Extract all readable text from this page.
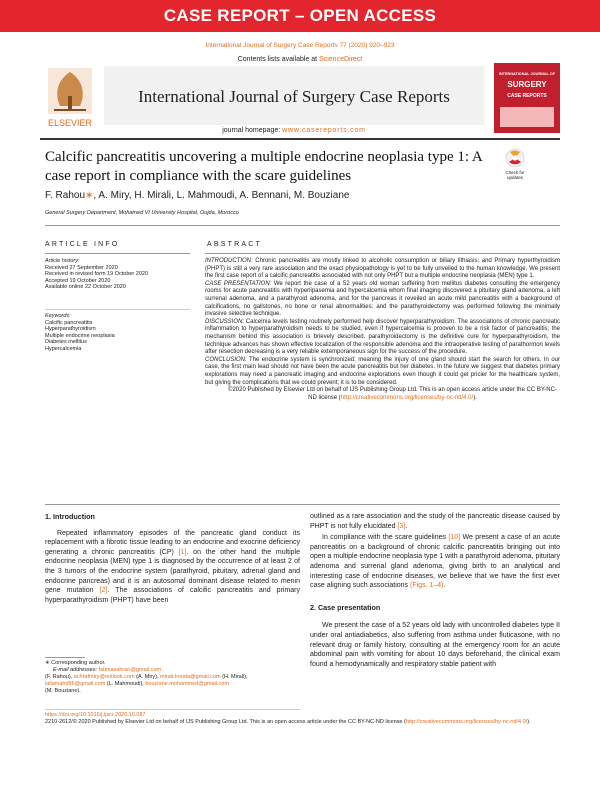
CASE REPORT – OPEN ACCESS
International Journal of Surgery Case Reports 77 (2020) 920–923
Contents lists available at ScienceDirect
ELSEVIER
International Journal of Surgery Case Reports
journal homepage: www.casereports.com
INTERNATIONAL JOURNAL OF
SURGERY
CASE REPORTS
Calcific pancreatitis uncovering a multiple endocrine neoplasia type 1: A case report in compliance with the scare guidelines	Check for updates
F. Rahou∗, A. Miry, H. Mirali, L. Mahmoudi, A. Bennani, M. Bouziane
General Surgery Department, Mohamed VI University Hospital, Oujda, Morocco
ARTICLE INFO	ABSTRACT
Article history:
Received 27 September 2020
Received in revised form 19 October 2020
Accepted 19 October 2020
Available online 22 October 2020
Keywords:
Calcific pancreatitis
Hyperparathyroidism
Multiple endocrine neoplasia
Diabetes mellitus
Hypercalcemia

INTRODUCTION: Chronic pancreatitis are mostly linked to alcoholic consumption or biliary lithiasis; and Primary hyperthyroidism (PHPT) is still a very rare association and the exact physiopathology is yet to be fully unveiled to the human knowledge. We present the first case report of a calcific pancreatitis associated with not only PHPT but a multiple endocrine neoplasia (MEN) type 1.

CASE PRESENTATION: We report the case of a 52 years old woman suffering from mellitus diabetes consulting the emergency rooms for acute pancreatitis with hyperlipasemia and hypercalcemia whom final imaging discovered a pituitary gland adenoma, a left surrenal adenoma, and a parathyroid adenoma, and for the pancreas it reveiled an acute mild pancreatitis with a background of calcifications, no gallstones, no bone or renal abnormalities; and the parathyroidectomy was performed following the minimally invasive selective technique.

DISCUSSION: Calcemia levels testing routinely performed help discover hyperparathyroidism. The associations of chronic pancreatic inflammation to hyperparathyroidism needs to be studied, even if hypercalcemia is prooven to be a risk factor of pancreatitis; the mechanism behind this association is brievely described. parathyroidectomy is the definitive cure for hyperparathyroidism, the technique advances has shown effective localization of the responsible adenoma and the intraoperative testing of parathormon levels after resection decreasing is a very reliable extemporaneous sign for the success of the procedure.

CONCLUSION: The endocrine system is synchronized; meaning the injury of one gland should start the search for others. In our case, the first main lead should not have been the acute pancreatitis but her diabetes. In the future we suggest that diabetes primary explorations may need a pancreatic imaging and endocrine explorations even though it could get pricier for the healthcare system, but giving the complications that we could prevent; it is to be considered.

©2020 Published by Elsevier Ltd on behalf of IJS Publishing Group Ltd. This is an open access article under the CC BY-NC-ND license (http://creativecommons.org/licenses/by-nc-nd/4.0/).

1. Introduction

Repeated inflammatory episodes of the pancreatic gland conduct its replacement with a fibrotic tissue leading to an endocrine and exocrine deficiency generating a chronic pancreatitis (CP) [1]. on the other hand the multiple endocrine neoplasia (MEN) type 1 is diagnosed by the occurrence of at least 2 of the 3 tumors of the endocrine system (parathyroid, pituitary, adrenal gland and endocrine pancreas) and it is an autosomal dominant disease related to menin gene mutation [2]. The associations of calcific pancreatitis and primary hyperparathyroidism (PHPT) have been

outlined as a rare association and the study of the pancreatic disease caused by PHPT is not fully elucidated [3].

In compliance with the scare guidelines [10] We present a case of an acute pancreatitis on a background of chronic calcific pancreatitis bringing out into open a multiple endocrine neoplasia type 1 with a parathyroid adenoma, pituitary adenoma and surrenal gland adenoma, giving birth to an analytical and interesting case of endocrine diseases, we believe that we have the first ever case aligning such associations (Figs. 1–4).

2. Case presentation

We present the case of a 52 years old lady with uncontrolled diabetes type II under oral antiadiabetics, also suffering from asthma under fluticasone, with no relevant drug or family history, consulting at the emergency room for an acute abdominal pain with vomiting for about 10 days beforehand, the clinical exam found a hemodynamically and respiratory stable patient with

∗ Corresponding author.
E-mail addresses: fatimazahrao@gmail.com
(F. Rahou), achrafmiry@outlook.com (A. Miry), mirali.houda@gmail.com (H. Mirali),
lallamahd96@gmail.com (L. Mahmoudi), bouziane.mohammed@gmail.com
(M. Bouziane).
https://doi.org/10.1016/j.ijscr.2020.10.087
2210-2612/© 2020 Published by Elsevier Ltd on behalf of IJS Publishing Group Ltd. This is an open access article under the CC BY-NC-ND license (http://creativecommons.org/licenses/by-nc-nd/4.0/).
